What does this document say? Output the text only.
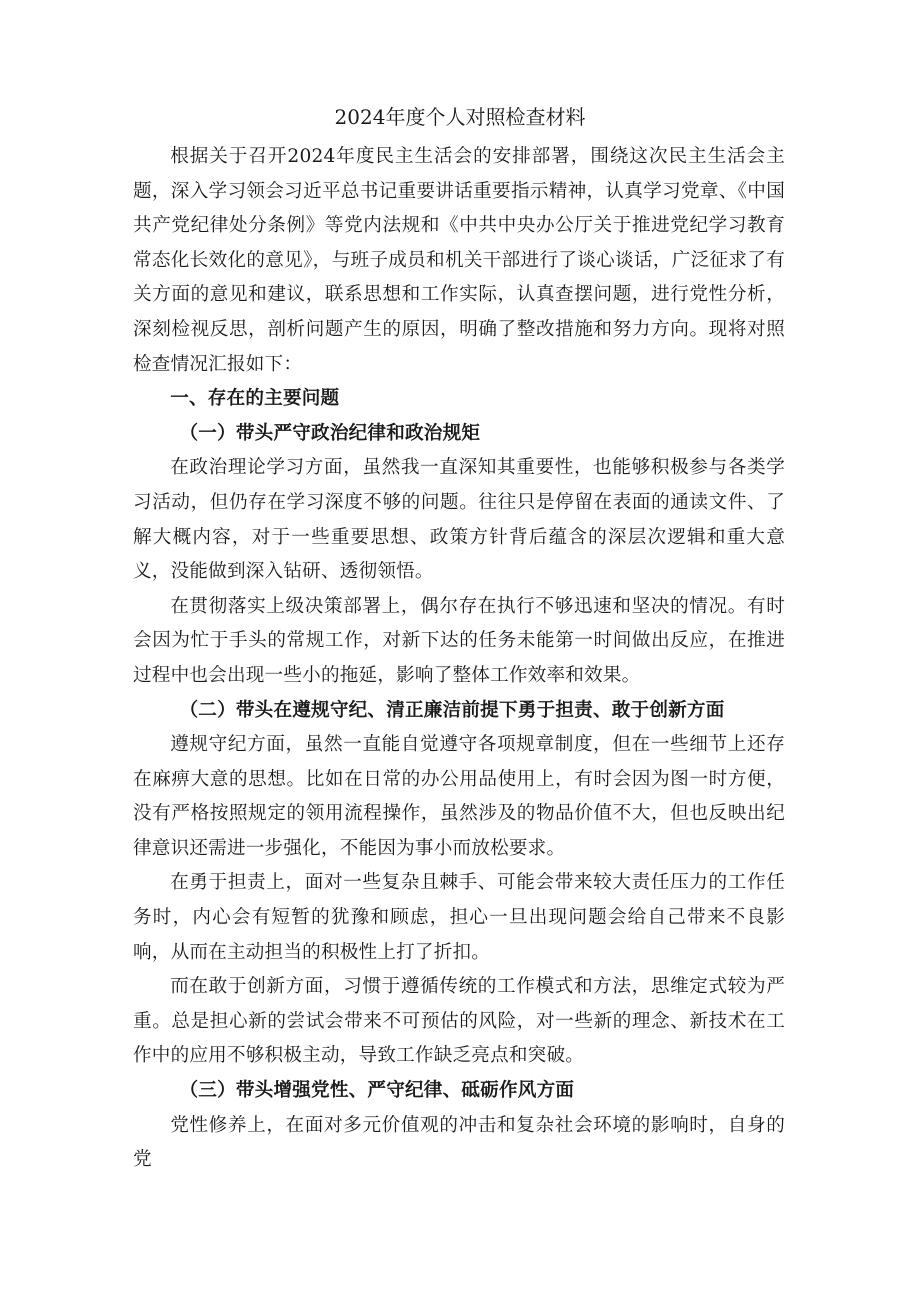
2024年度个人对照检查材料

根据关于召开2024年度民主生活会的安排部署，围绕这次民主生活会主题，深入学习领会习近平总书记重要讲话重要指示精神，认真学习党章、《中国共产党纪律处分条例》等党内法规和《中共中央办公厅关于推进党纪学习教育常态化长效化的意见》，与班子成员和机关干部进行了谈心谈话，广泛征求了有关方面的意见和建议，联系思想和工作实际，认真查摆问题，进行党性分析，深刻检视反思，剖析问题产生的原因，明确了整改措施和努力方向。现将对照检查情况汇报如下：

一、存在的主要问题

（一）带头严守政治纪律和政治规矩

在政治理论学习方面，虽然我一直深知其重要性，也能够积极参与各类学习活动，但仍存在学习深度不够的问题。往往只是停留在表面的通读文件、了解大概内容，对于一些重要思想、政策方针背后蕴含的深层次逻辑和重大意义，没能做到深入钻研、透彻领悟。

在贯彻落实上级决策部署上，偶尔存在执行不够迅速和坚决的情况。有时会因为忙于手头的常规工作，对新下达的任务未能第一时间做出反应，在推进过程中也会出现一些小的拖延，影响了整体工作效率和效果。

（二）带头在遵规守纪、清正廉洁前提下勇于担责、敢于创新方面

遵规守纪方面，虽然一直能自觉遵守各项规章制度，但在一些细节上还存在麻痹大意的思想。比如在日常的办公用品使用上，有时会因为图一时方便，没有严格按照规定的领用流程操作，虽然涉及的物品价值不大，但也反映出纪律意识还需进一步强化，不能因为事小而放松要求。

在勇于担责上，面对一些复杂且棘手、可能会带来较大责任压力的工作任务时，内心会有短暂的犹豫和顾虑，担心一旦出现问题会给自己带来不良影响，从而在主动担当的积极性上打了折扣。

而在敢于创新方面，习惯于遵循传统的工作模式和方法，思维定式较为严重。总是担心新的尝试会带来不可预估的风险，对一些新的理念、新技术在工作中的应用不够积极主动，导致工作缺乏亮点和突破。

（三）带头增强党性、严守纪律、砥砺作风方面

党性修养上，在面对多元价值观的冲击和复杂社会环境的影响时，自身的党
